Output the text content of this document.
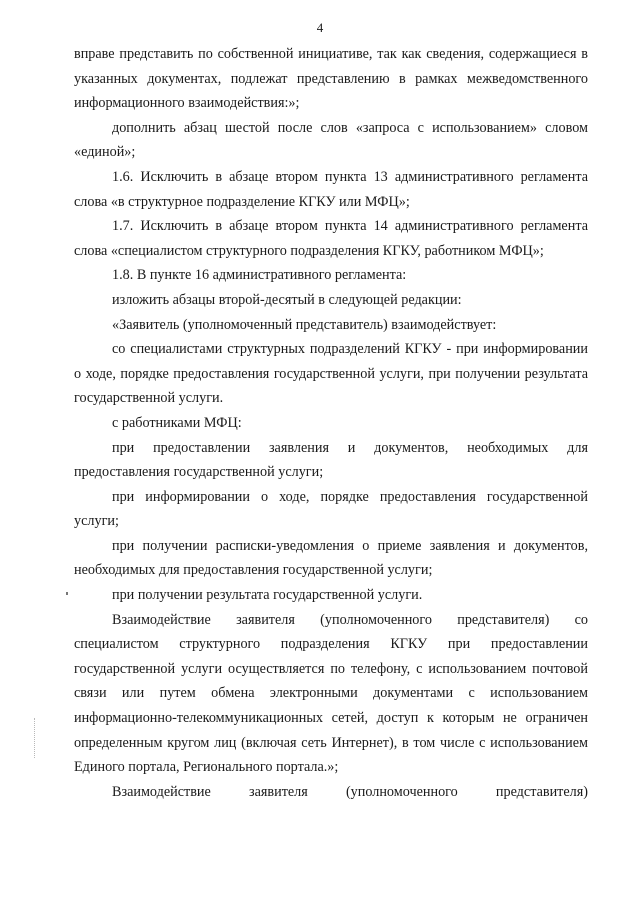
4

вправе представить по собственной инициативе, так как сведения, содержащиеся в указанных документах, подлежат представлению в рамках межведомственного информационного взаимодействия:»;

дополнить абзац шестой после слов «запроса с использованием» словом «единой»;

1.6. Исключить в абзаце втором пункта 13 административного регламента слова «в структурное подразделение КГКУ или МФЦ»;

1.7. Исключить в абзаце втором пункта 14 административного регламента слова «специалистом структурного подразделения КГКУ, работником МФЦ»;

1.8. В пункте 16 административного регламента:

изложить абзацы второй-десятый в следующей редакции:

«Заявитель (уполномоченный представитель) взаимодействует:

со специалистами структурных подразделений КГКУ - при информировании о ходе, порядке предоставления государственной услуги, при получении результата государственной услуги.

с работниками МФЦ:

при предоставлении заявления и документов, необходимых для предоставления государственной услуги;

при информировании о ходе, порядке предоставления государственной услуги;

при получении расписки-уведомления о приеме заявления и документов, необходимых для предоставления государственной услуги;

при получении результата государственной услуги.

Взаимодействие заявителя (уполномоченного представителя) со специалистом структурного подразделения КГКУ при предоставлении государственной услуги осуществляется по телефону, с использованием почтовой связи или путем обмена электронными документами с использованием информационно-телекоммуникационных сетей, доступ к которым не ограничен определенным кругом лиц (включая сеть Интернет), в том числе с использованием Единого портала, Регионального портала.»;

Взаимодействие заявителя (уполномоченного представителя)
